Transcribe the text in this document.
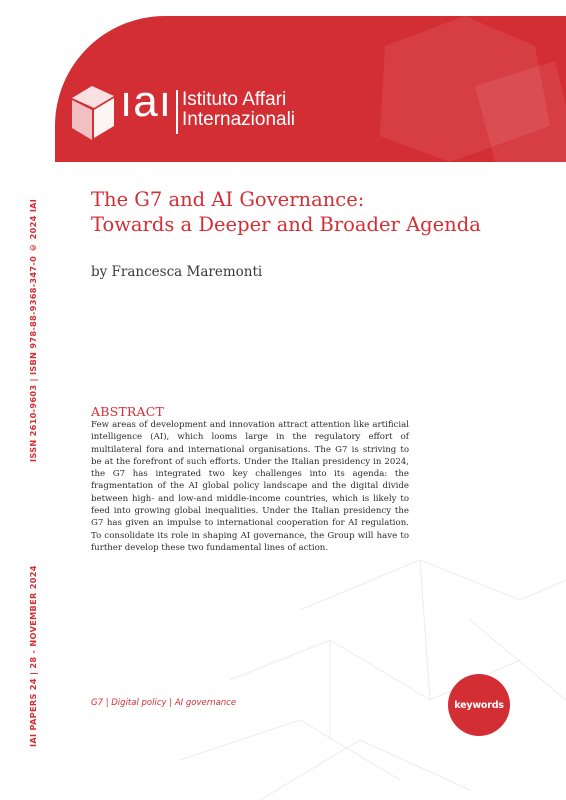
ıaı Istituto Affari
Internazionali
ISSN 2610-9603 | ISBN 978-88-9368-347-0 © 2024 IAI
IAI PAPERS 24 | 28 - NOVEMBER 2024
The G7 and AI Governance:
Towards a Deeper and Broader Agenda
by Francesca Maremonti
ABSTRACT

Few areas of development and innovation attract attention like artificial intelligence (AI), which looms large in the regulatory effort of multilateral fora and international organisations. The G7 is striving to be at the forefront of such efforts. Under the Italian presidency in 2024, the G7 has integrated two key challenges into its agenda: the fragmentation of the AI global policy landscape and the digital divide between high- and low-and middle-income countries, which is likely to feed into growing global inequalities. Under the Italian presidency the G7 has given an impulse to international cooperation for AI regulation. To consolidate its role in shaping AI governance, the Group will have to further develop these two fundamental lines of action.

G7 | Digital policy | AI governance	keywords
